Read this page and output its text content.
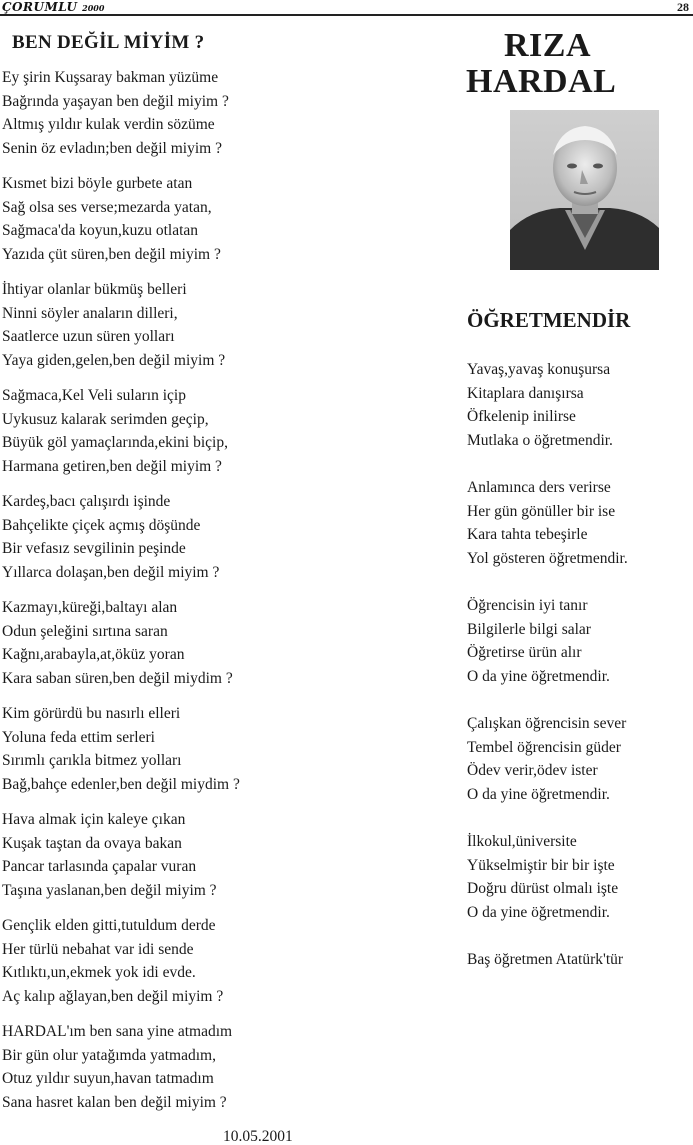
ÇORUMLU 2000	28
BEN DEĞİL MİYİM ?
Ey şirin Kuşsaray bakman yüzüme
Bağrında yaşayan ben değil miyim ?
Altmış yıldır kulak verdin sözüme
Senin öz evladın;ben değil miyim ?
Kısmet bizi böyle gurbete atan
Sağ olsa ses verse;mezarda yatan,
Sağmaca'da koyun,kuzu otlatan
Yazıda çüt süren,ben değil miyim ?
İhtiyar olanlar bükmüş belleri
Ninni söyler anaların dilleri,
Saatlerce uzun süren yolları
Yaya giden,gelen,ben değil miyim ?
Sağmaca,Kel Veli suların içip
Uykusuz kalarak serimden geçip,
Büyük göl yamaçlarında,ekini biçip,
Harmana getiren,ben değil miyim ?
Kardeş,bacı çalışırdı işinde
Bahçelikte çiçek açmış döşünde
Bir vefasız sevgilinin peşinde
Yıllarca dolaşan,ben değil miyim ?
Kazmayı,küreği,baltayı alan
Odun şeleğini sırtına saran
Kağnı,arabayla,at,öküz yoran
Kara saban süren,ben değil miydim ?
Kim görürdü bu nasırlı elleri
Yoluna feda ettim serleri
Sırımlı çarıkla bitmez yolları
Bağ,bahçe edenler,ben değil miydim ?
Hava almak için kaleye çıkan
Kuşak taştan da ovaya bakan
Pancar tarlasında çapalar vuran
Taşına yaslanan,ben değil miyim ?
Gençlik elden gitti,tutuldum derde
Her türlü nebahat var idi sende
Kıtlıktı,un,ekmek yok idi evde.
Aç kalıp ağlayan,ben değil miyim ?
HARDAL'ım ben sana yine atmadım
Bir gün olur yatağımda yatmadım,
Otuz yıldır suyun,havan tatmadım
Sana hasret kalan ben değil miyim ?
10.05.2001
RIZA
HARDAL
ÖĞRETMENDİR
Yavaş,yavaş konuşursa
Kitaplara danışırsa
Öfkelenip inilirse
Mutlaka o öğretmendir.
Anlamınca ders verirse
Her gün gönüller bir ise
Kara tahta tebeşirle
Yol gösteren öğretmendir.
Öğrencisin iyi tanır
Bilgilerle bilgi salar
Öğretirse ürün alır
O da yine öğretmendir.
Çalışkan öğrencisin sever
Tembel öğrencisin güder
Ödev verir,ödev ister
O da yine öğretmendir.
İlkokul,üniversite
Yükselmiştir bir bir işte
Doğru dürüst olmalı işte
O da yine öğretmendir.
Baş öğretmen Atatürk'tür
